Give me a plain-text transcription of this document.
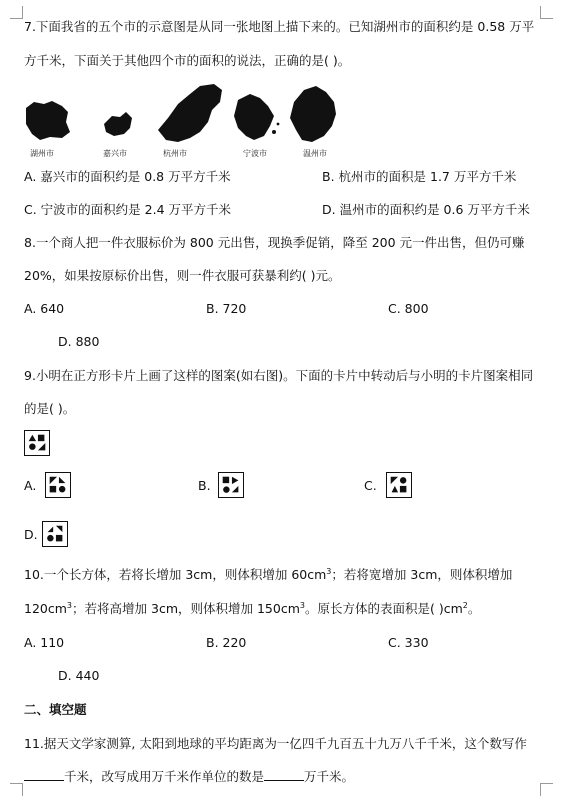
7.下面我省的五个市的示意图是从同一张地图上描下来的。已知湖州市的面积约是 0.58 万平
方千米，下面关于其他四个市的面积的说法，正确的是( )。
湖州市	嘉兴市	杭州市	宁波市	温州市
A. 嘉兴市的面积约是 0.8 万平方千米	B. 杭州市的面积是 1.7 万平方千米
C. 宁波市的面积约是 2.4 万平方千米	D. 温州市的面积约是 0.6 万平方千米
8.一个商人把一件衣服标价为 800 元出售，现换季促销，降至 200 元一件出售，但仍可赚
20%，如果按原标价出售，则一件衣服可获暴利约( )元。
A. 640	B. 720	C. 800
D. 880
9.小明在正方形卡片上画了这样的图案(如右图)。下面的卡片中转动后与小明的卡片图案相同
的是( )。
A.	B.	C.
D.
10.一个长方体，若将长增加 3cm，则体积增加 $60cm^3$；若将宽增加 3cm，则体积增加
$120cm^3$；若将高增加 3cm，则体积增加 $150cm^3$。原长方体的表面积是( )$cm^2$。
A. 110	B. 220	C. 330
D. 440
二、填空题
11.据天文学家测算, 太阳到地球的平均距离为一亿四千九百五十九万八千千米，这个数写作
千米，改写成用万千米作单位的数是	万千米。
